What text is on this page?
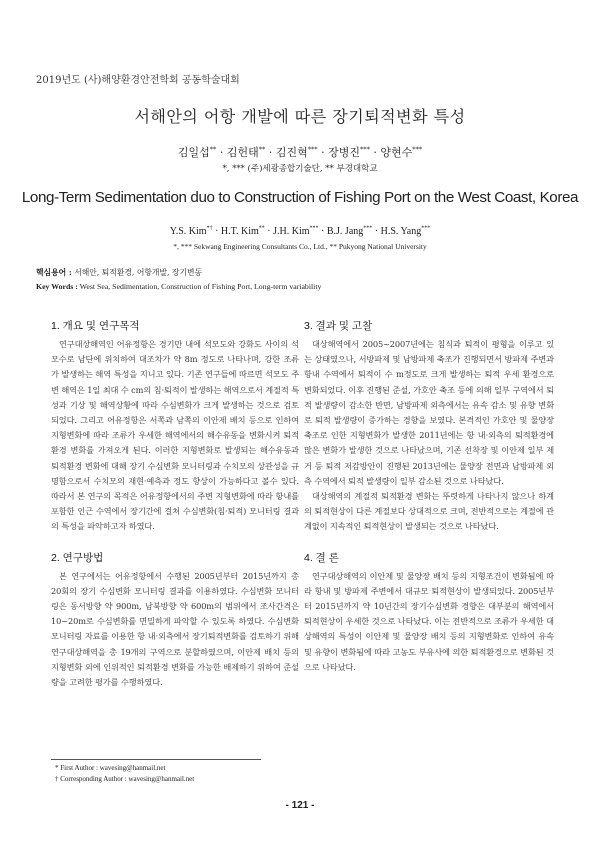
2019년도 (사)해양환경안전학회 공동학술대회
서해안의 어항 개발에 따른 장기퇴적변화 특성
김일섭** · 김헌태** · 김진혁*** · 장병진*** · 양현수***
*, *** (주)세광종합기술단, ** 부경대학교
Long-Term Sedimentation duo to Construction of Fishing Port on the West Coast, Korea
Y.S. Kim*† · H.T. Kim** · J.H. Kim*** · B.J. Jang*** · H.S. Yang***
*, *** Sekwang Engineering Consultants Co., Ltd., ** Pukyong National University
핵심용어 : 서해안, 퇴적환경, 어항개발, 장기변동
Key Words : West Sea, Sedimentation, Construction of Fishing Port, Long-term variability
1. 개요 및 연구목적

연구대상해역인 어유정항은 경기만 내에 석모도와 강화도 사이의 석모수로 남단에 위치하여 대조차가 약 8m 정도로 나타나며, 강한 조류가 발생하는 해역 특성을 지니고 있다. 기존 연구들에 따르면 석모도 주변 해역은 1일 최대 수 cm의 침·퇴적이 발생하는 해역으로서 계절적 특성과 기상 및 해역상황에 따라 수심변화가 크게 발생하는 것으로 검토되었다. 그리고 어유정항은 서쪽과 남쪽의 이안제 배치 등으로 인하여 지형변화에 따라 조류가 우세한 해역에서의 해수유동을 변화시켜 퇴적환경 변화를 가져오게 된다. 이러한 지형변화로 발생되는 해수유동과 퇴적환경 변화에 대해 장기 수심변화 모니터링과 수치모의 상관성을 규명함으로서 수치모의 재현·예측과 정도 향상이 가능하다고 볼수 있다. 따라서 본 연구의 목적은 어유정항에서의 주변 지형변화에 따라 항내를 포함한 인근 수역에서 장기간에 걸쳐 수심변화(침·퇴적) 모니터링 결과의 특성을 파악하고자 하였다.

2. 연구방법

본 연구에서는 어유정항에서 수행된 2005년부터 2015년까지 총 20회의 장기 수심변화 모니터링 결과를 이용하였다. 수심변화 모니터링은 동서방향 약 900m, 남북방향 약 600m의 범위에서 조사간격은 10~20m로 수심변화를 면밀하게 파악할 수 있도록 하였다. 수심변화 모니터링 자료를 이용한 항 내·외측에서 장기퇴적변화를 검토하기 위해 연구대상해역을 총 19개의 구역으로 분할하였으며, 이안제 배치 등의 지형변화 외에 인위적인 퇴적환경 변화를 가능한 배제하기 위하여 준설량을 고려한 평가를 수행하였다.

3. 결과 및 고찰

대상해역에서 2005~2007년에는 침식과 퇴적이 평형을 이루고 있는 상태였으나, 서방파제 및 남방파제 축조가 진행되면서 방파제 주변과 항내 수역에서 퇴적이 수 m정도로 크게 발생하는 퇴적 우세 환경으로 변화되었다. 이후 진행된 준설, 가호안 축조 등에 의해 일부 구역에서 퇴적 발생량이 감소한 반면, 남방파제 외측에서는 유속 감소 및 유향 변화로 퇴적 발생량이 증가하는 경향을 보였다. 본격적인 가호안 및 물양장 축조로 인한 지형변화가 발생한 2011년에는 항 내·외측의 퇴적환경에 많은 변화가 발생한 것으로 나타났으며, 기존 선착장 및 이안제 일부 제거 등 퇴적 저감방안이 진행된 2013년에는 물양장 전면과 남방파제 외측 수역에서 퇴적 발생량이 일부 감소된 것으로 나타났다.

대상해역의 계절적 퇴적환경 변화는 뚜렷하게 나타나지 않으나 하계의 퇴적현상이 다른 계절보다 상대적으로 크며, 전반적으로는 계절에 관계없이 지속적인 퇴적현상이 발생되는 것으로 나타났다.

4. 결 론

연구대상해역의 이안제 및 물양장 배치 등의 지형조건이 변화됨에 따라 항내 및 방파제 주변에서 대규모 퇴적현상이 발생되었다. 2005년부터 2015년까지 약 10년간의 장기수심변화 경향은 대부분의 해역에서 퇴적현상이 우세한 것으로 나타났다. 이는 전반적으로 조류가 우세한 대상해역의 특성이 이안제 및 물양장 배치 등의 지형변화로 인하여 유속 및 유향이 변화됨에 따라 고농도 부유사에 의한 퇴적환경으로 변화된 것으로 나타났다.

* First Author : wavesing@hanmail.net
† Corresponding Author : wavesing@hanmail.net
- 121 -
